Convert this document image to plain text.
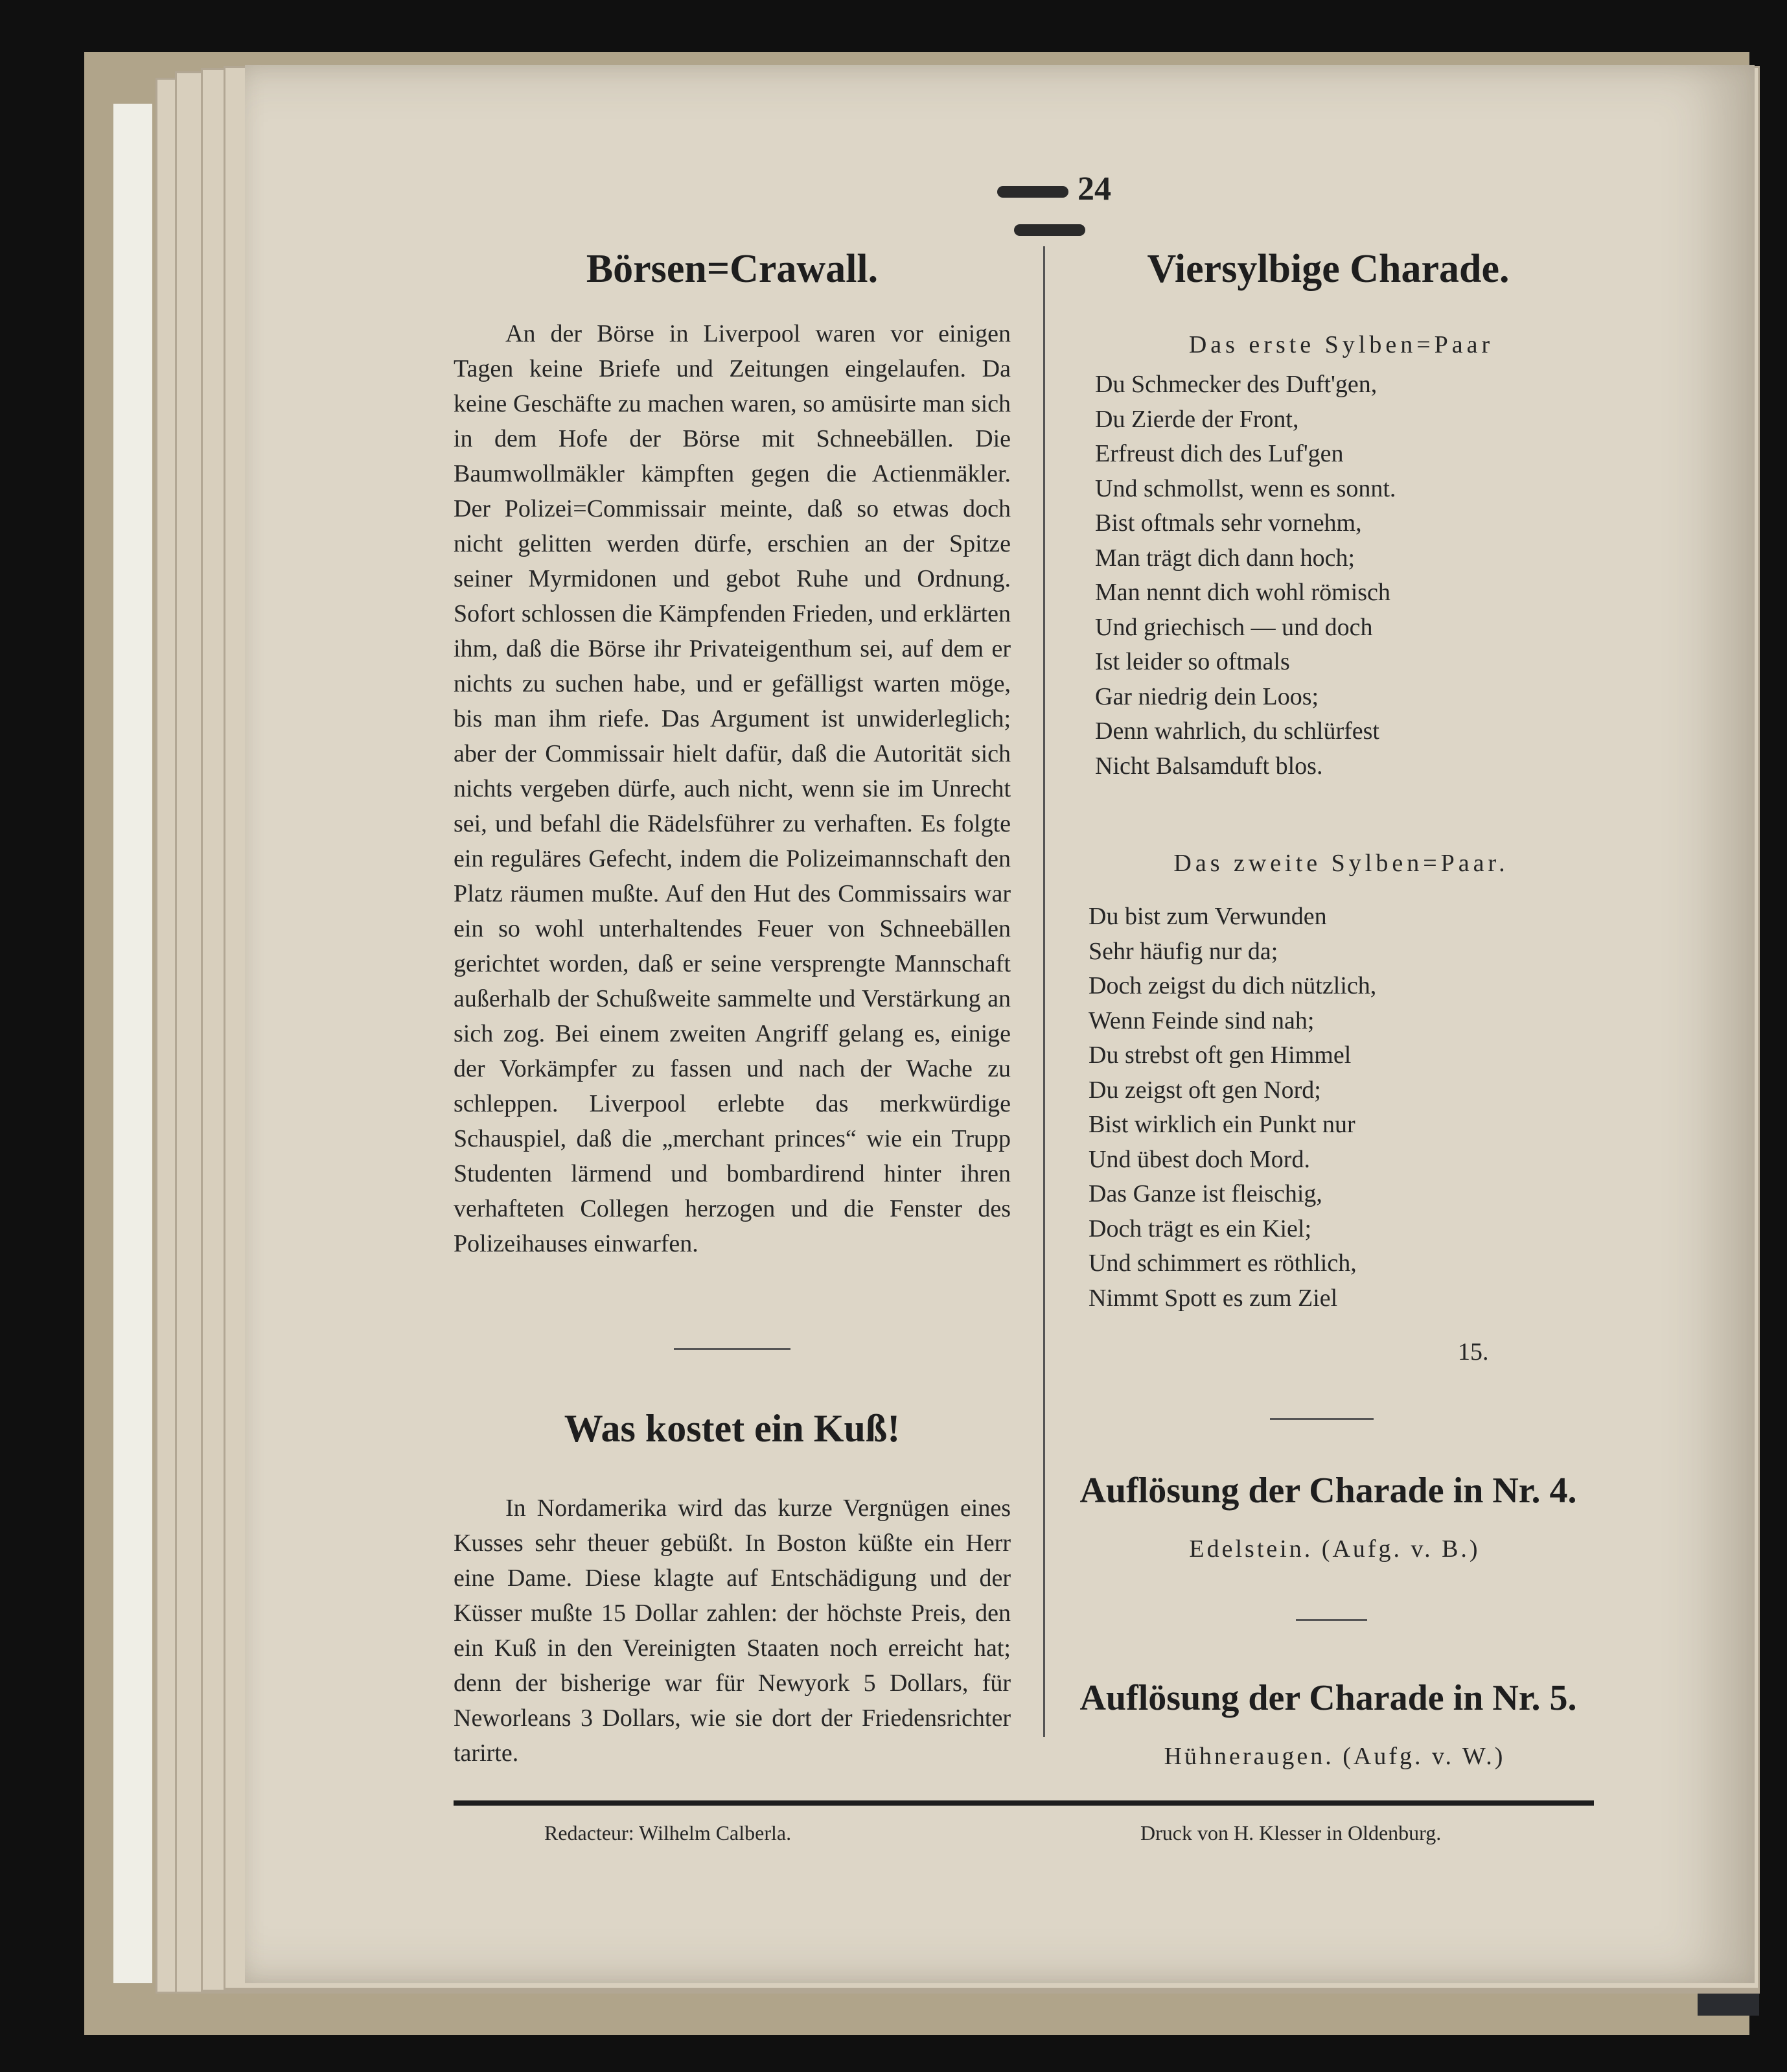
24
Börsen=Crawall.

An der Börse in Liverpool waren vor einigen Tagen keine Briefe und Zeitungen eingelaufen. Da keine Geschäfte zu machen waren, so amüsirte man sich in dem Hofe der Börse mit Schneebällen. Die Baumwollmäkler kämpften gegen die Actienmäkler. Der Polizei=Commissair meinte, daß so etwas doch nicht gelitten werden dürfe, erschien an der Spitze seiner Myrmidonen und gebot Ruhe und Ordnung. Sofort schlossen die Kämpfenden Frieden, und erklärten ihm, daß die Börse ihr Privateigenthum sei, auf dem er nichts zu suchen habe, und er gefälligst warten möge, bis man ihm riefe. Das Argument ist unwiderleglich; aber der Commissair hielt dafür, daß die Autorität sich nichts vergeben dürfe, auch nicht, wenn sie im Unrecht sei, und befahl die Rädelsführer zu verhaften. Es folgte ein reguläres Gefecht, indem die Polizeimannschaft den Platz räumen mußte. Auf den Hut des Commissairs war ein so wohl unterhaltendes Feuer von Schneebällen gerichtet worden, daß er seine versprengte Mannschaft außerhalb der Schußweite sammelte und Verstärkung an sich zog. Bei einem zweiten Angriff gelang es, einige der Vorkämpfer zu fassen und nach der Wache zu schleppen. Liverpool erlebte das merkwürdige Schauspiel, daß die „merchant princes“ wie ein Trupp Studenten lärmend und bombardirend hinter ihren verhafteten Collegen herzogen und die Fenster des Polizeihauses einwarfen.

Was kostet ein Kuß!

In Nordamerika wird das kurze Vergnügen eines Kusses sehr theuer gebüßt. In Boston küßte ein Herr eine Dame. Diese klagte auf Entschädigung und der Küsser mußte 15 Dollar zahlen: der höchste Preis, den ein Kuß in den Vereinigten Staaten noch erreicht hat; denn der bisherige war für Newyork 5 Dollars, für Neworleans 3 Dollars, wie sie dort der Friedensrichter tarirte.

Viersylbige Charade.
Das erste Sylben=Paar
Du Schmecker des Duft'gen,
Du Zierde der Front,
Erfreust dich des Luf'gen
Und schmollst, wenn es sonnt.
Bist oftmals sehr vornehm,
Man trägt dich dann hoch;
Man nennt dich wohl römisch
Und griechisch — und doch
Ist leider so oftmals
Gar niedrig dein Loos;
Denn wahrlich, du schlürfest
Nicht Balsamduft blos.
Das zweite Sylben=Paar.
Du bist zum Verwunden
Sehr häufig nur da;
Doch zeigst du dich nützlich,
Wenn Feinde sind nah;
Du strebst oft gen Himmel
Du zeigst oft gen Nord;
Bist wirklich ein Punkt nur
Und übest doch Mord.
Das Ganze ist fleischig,
Doch trägt es ein Kiel;
Und schimmert es röthlich,
Nimmt Spott es zum Ziel
15.
Auflösung der Charade in Nr. 4.
Edelstein. (Aufg. v. B.)
Auflösung der Charade in Nr. 5.
Hühneraugen. (Aufg. v. W.)
Redacteur: Wilhelm Calberla.	Druck von H. Klesser in Oldenburg.
